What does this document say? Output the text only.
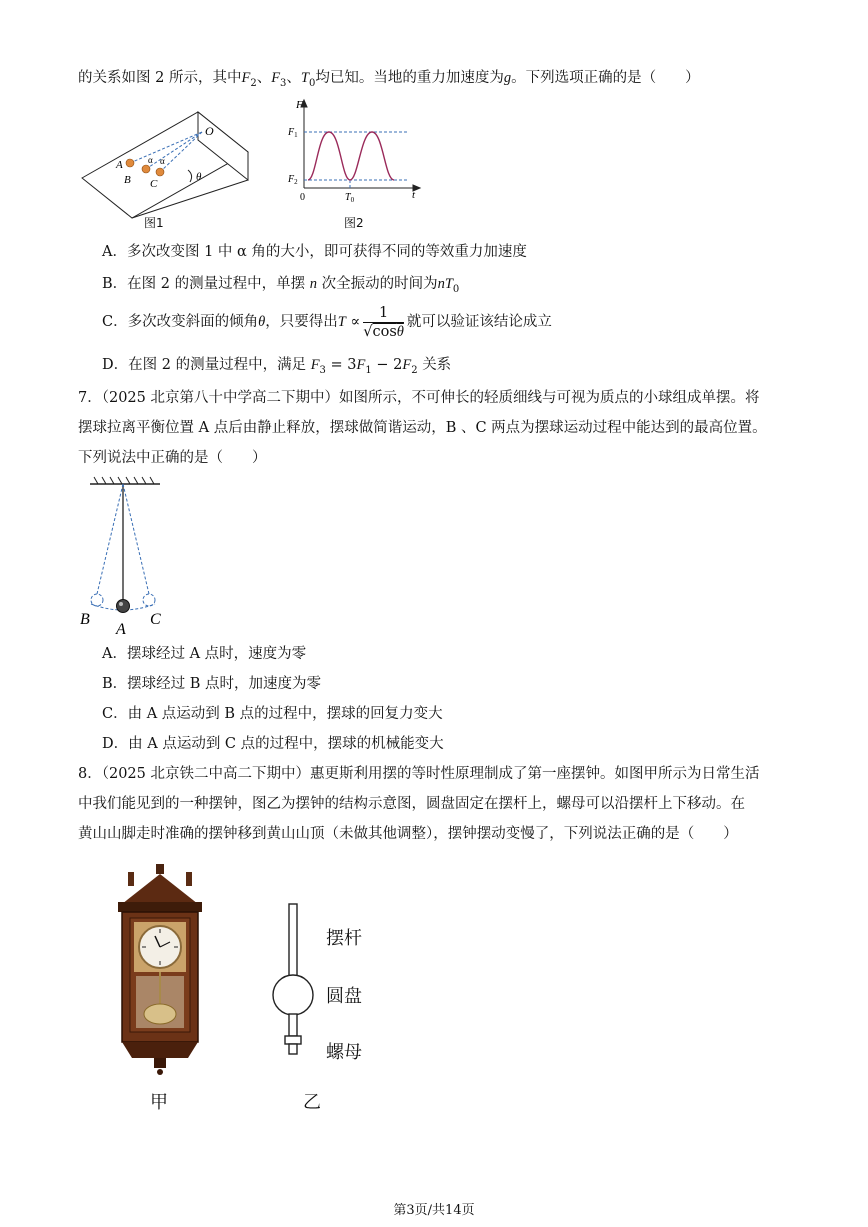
的关系如图 2 所示，其中$F_2$、$F_3$、$T_0$均已知。当地的重力加速度为g。下列选项正确的是（　　）
O
A
B C
α α
θ
图1
F
t
0
$F_1$
$F_2$
$T_0$
图2
A．多次改变图 1 中 α 角的大小，即可获得不同的等效重力加速度
B．在图 2 的测量过程中，单摆 n 次全振动的时间为$nT_0$
C．多次改变斜面的倾角θ，只要得出$T \propto \frac{1}{√\cos\theta}$ 就可以验证该结论成立
D．在图 2 的测量过程中，满足 $F_3 = 3F_1 - 2F_2$ 关系
7．（2025 北京第八十中学高二下期中）如图所示，不可伸长的轻质细线与可视为质点的小球组成单摆。将
摆球拉离平衡位置 A 点后由静止释放，摆球做简谐运动，B 、C 两点为摆球运动过程中能达到的最高位置。
下列说法中正确的是（　　）
B
A
C
A．摆球经过 A 点时，速度为零
B．摆球经过 B 点时，加速度为零
C．由 A 点运动到 B 点的过程中，摆球的回复力变大
D．由 A 点运动到 C 点的过程中，摆球的机械能变大
8．（2025 北京铁二中高二下期中）惠更斯利用摆的等时性原理制成了第一座摆钟。如图甲所示为日常生活
中我们能见到的一种摆钟，图乙为摆钟的结构示意图，圆盘固定在摆杆上，螺母可以沿摆杆上下移动。在
黄山山脚走时准确的摆钟移到黄山山顶（未做其他调整），摆钟摆动变慢了，下列说法正确的是（　　）
摆杆
圆盘
螺母
甲	乙
第3页/共14页
